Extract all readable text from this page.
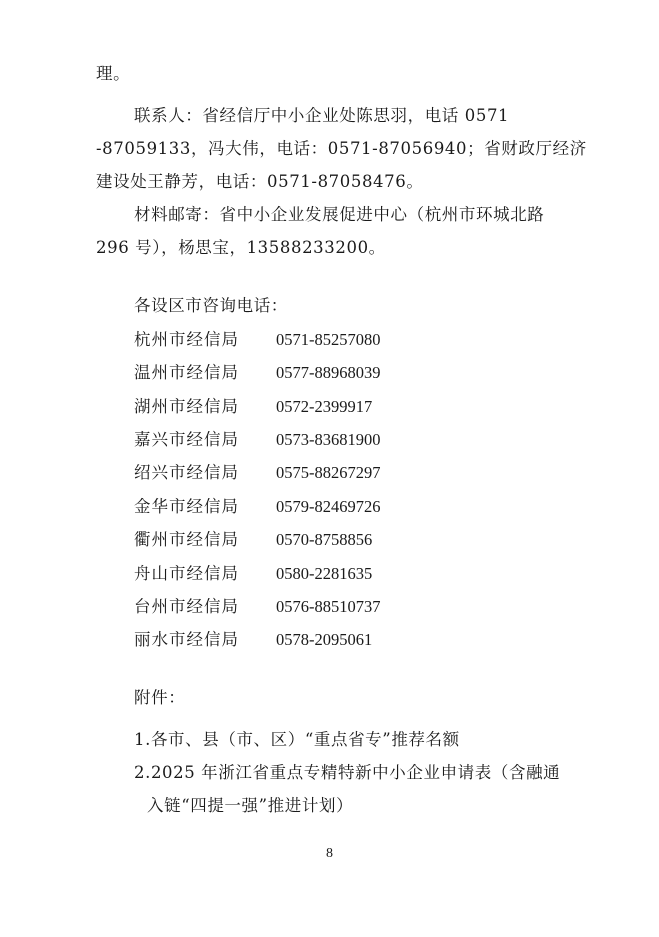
理。
联系人：省经信厅中小企业处陈思羽，电话 0571
-87059133，冯大伟，电话：0571-87056940；省财政厅经济
建设处王静芳，电话：0571-87058476。
材料邮寄：省中小企业发展促进中心（杭州市环城北路
296 号），杨思宝，13588233200。
各设区市咨询电话：
杭州市经信局 0571-85257080
温州市经信局 0577-88968039
湖州市经信局 0572-2399917
嘉兴市经信局 0573-83681900
绍兴市经信局 0575-88267297
金华市经信局 0579-82469726
衢州市经信局 0570-8758856
舟山市经信局 0580-2281635
台州市经信局 0576-88510737
丽水市经信局 0578-2095061
附件：
1.各市、县（市、区）“重点省专”推荐名额
2.2025 年浙江省重点专精特新中小企业申请表（含融通
入链“四提一强”推进计划）
8
